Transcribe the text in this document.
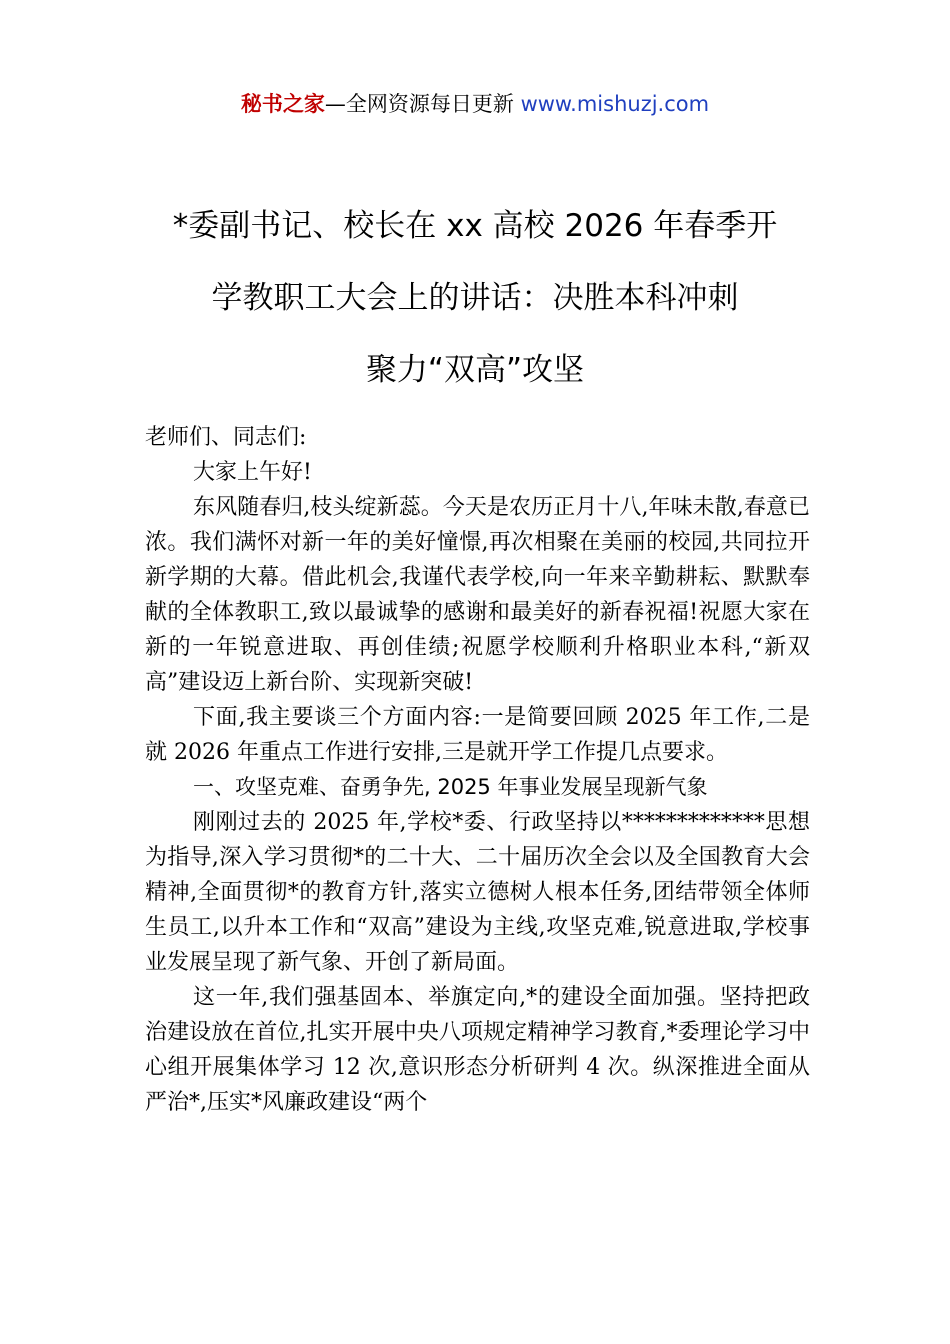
秘书之家—全网资源每日更新 www.mishuzj.com
*委副书记、校长在 xx 高校 2026 年春季开
学教职工大会上的讲话：决胜本科冲刺
聚力“双高”攻坚

老师们、同志们:

大家上午好!

东风随春归,枝头绽新蕊。今天是农历正月十八,年味未散,春意已浓。我们满怀对新一年的美好憧憬,再次相聚在美丽的校园,共同拉开新学期的大幕。借此机会,我谨代表学校,向一年来辛勤耕耘、默默奉献的全体教职工,致以最诚挚的感谢和最美好的新春祝福!祝愿大家在新的一年锐意进取、再创佳绩;祝愿学校顺利升格职业本科,“新双高”建设迈上新台阶、实现新突破!

下面,我主要谈三个方面内容:一是简要回顾 2025 年工作,二是就 2026 年重点工作进行安排,三是就开学工作提几点要求。

一、攻坚克难、奋勇争先, 2025 年事业发展呈现新气象

刚刚过去的 2025 年,学校*委、行政坚持以*************思想为指导,深入学习贯彻*的二十大、二十届历次全会以及全国教育大会精神,全面贯彻*的教育方针,落实立德树人根本任务,团结带领全体师生员工,以升本工作和“双高”建设为主线,攻坚克难,锐意进取,学校事业发展呈现了新气象、开创了新局面。

这一年,我们强基固本、举旗定向,*的建设全面加强。坚持把政治建设放在首位,扎实开展中央八项规定精神学习教育,*委理论学习中心组开展集体学习 12 次,意识形态分析研判 4 次。纵深推进全面从严治*,压实*风廉政建设“两个
